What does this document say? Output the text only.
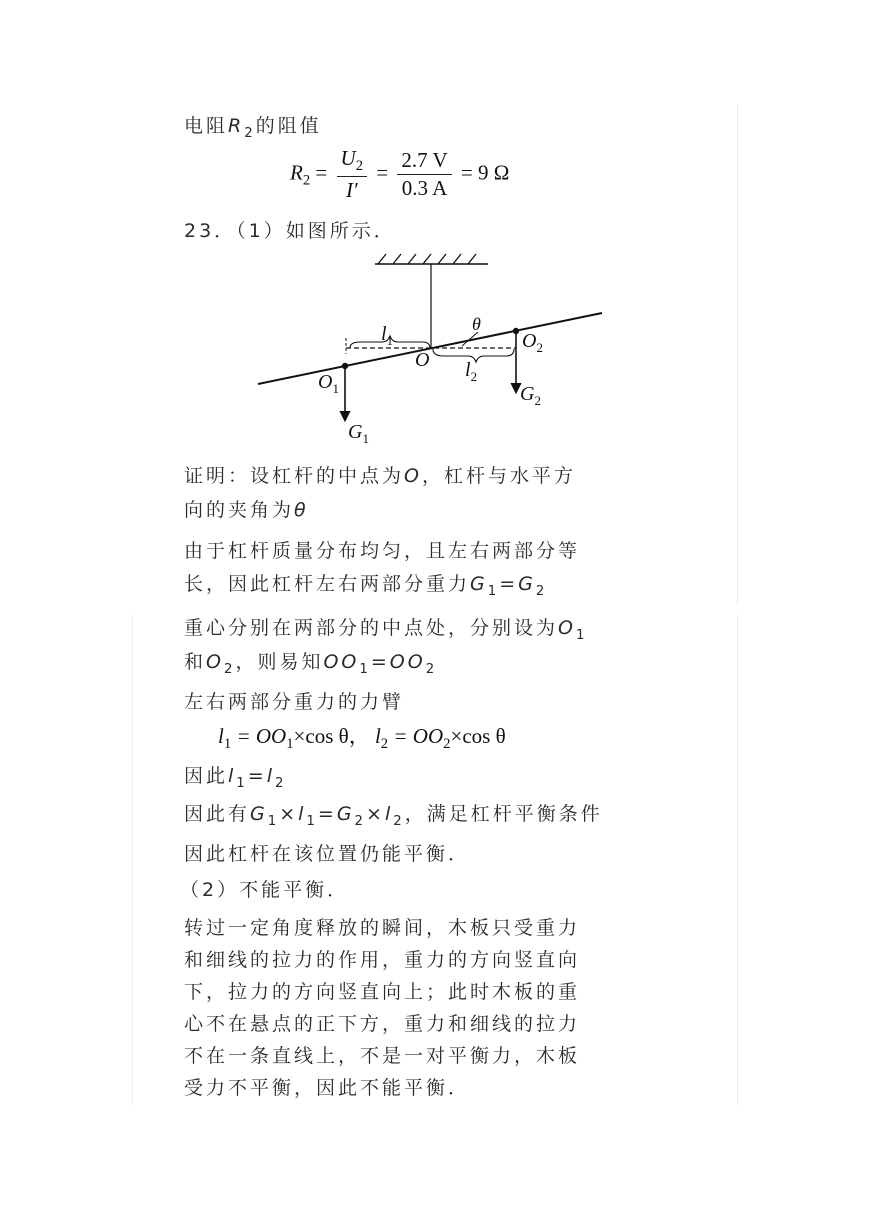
电阻$R_2$的阻值
$R_2 = \frac{U_2}{I'} = \frac{2.7 V}{0.3 A} = 9$ Ω
23．（1）如图所示．
$l_1$
θ
O $l_2$
$O_2$
$O_1$
$G_1$
$G_2$
证明：设杠杆的中点为O，杠杆与水平方
向的夹角为θ
由于杠杆质量分布均匀，且左右两部分等
长，因此杠杆左右两部分重力$G_1=G_2$
重心分别在两部分的中点处，分别设为$O_1$
和$O_2$，则易知$OO_1=OO_2$
左右两部分重力的力臂
$l_1 = OO_1\times\cos$ θ， $l_2 = OO_2\times\cos$ θ
因此$l_1=l_2$
因此有$G_1\times l_1=G_2\times l_2$，满足杠杆平衡条件
因此杠杆在该位置仍能平衡．
（2）不能平衡．
转过一定角度释放的瞬间，木板只受重力
和细线的拉力的作用，重力的方向竖直向
下，拉力的方向竖直向上；此时木板的重
心不在悬点的正下方，重力和细线的拉力
不在一条直线上，不是一对平衡力，木板
受力不平衡，因此不能平衡．
